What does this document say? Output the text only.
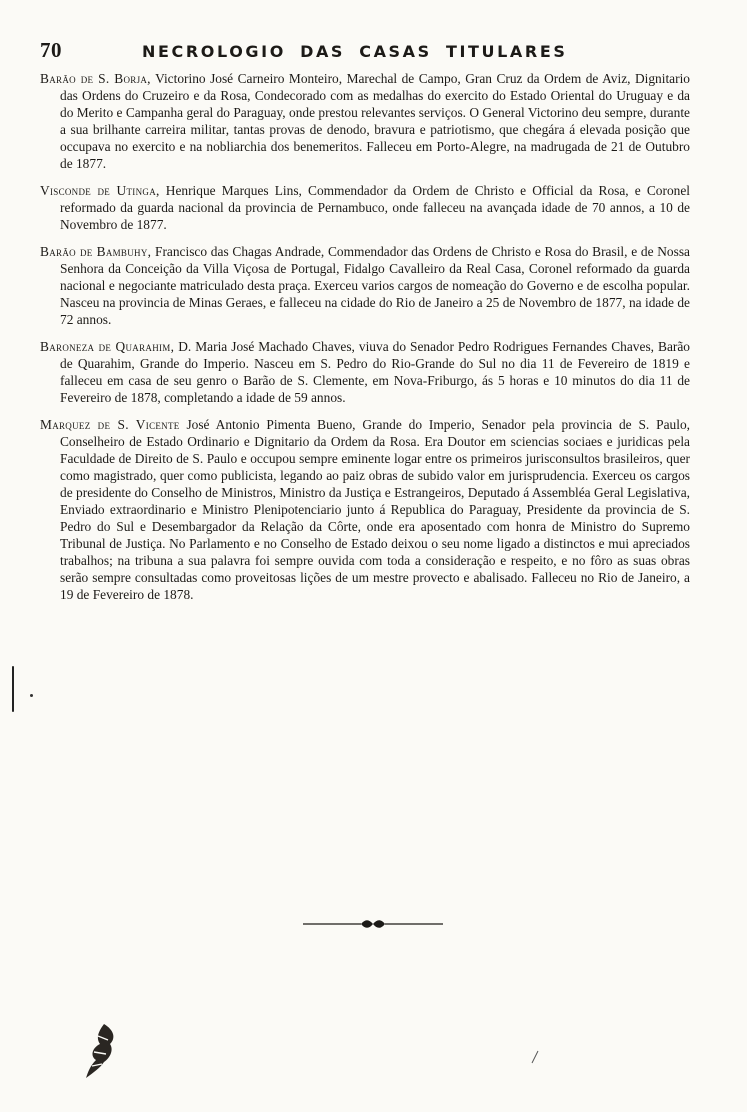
70	NECROLOGIO DAS CASAS TITULARES

Barão de S. Borja, Victorino José Carneiro Monteiro, Marechal de Campo, Gran Cruz da Ordem de Aviz, Dignitario das Ordens do Cruzeiro e da Rosa, Condecorado com as medalhas do exercito do Estado Oriental do Uruguay e da do Merito e Campanha geral do Paraguay, onde prestou relevantes serviços. O General Victorino deu sempre, durante a sua brilhante carreira militar, tantas provas de denodo, bravura e patriotismo, que chegára á elevada posição que occupava no exercito e na nobliarchia dos benemeritos. Falleceu em Porto-Alegre, na madrugada de 21 de Outubro de 1877.

Visconde de Utinga, Henrique Marques Lins, Commendador da Ordem de Christo e Official da Rosa, e Coronel reformado da guarda nacional da provincia de Pernambuco, onde falleceu na avançada idade de 70 annos, a 10 de Novembro de 1877.

Barão de Bambuhy, Francisco das Chagas Andrade, Commendador das Ordens de Christo e Rosa do Brasil, e de Nossa Senhora da Conceição da Villa Viçosa de Portugal, Fidalgo Cavalleiro da Real Casa, Coronel reformado da guarda nacional e negociante matriculado desta praça. Exerceu varios cargos de nomeação do Governo e de escolha popular. Nasceu na provincia de Minas Geraes, e falleceu na cidade do Rio de Janeiro a 25 de Novembro de 1877, na idade de 72 annos.

Baroneza de Quarahim, D. Maria José Machado Chaves, viuva do Senador Pedro Rodrigues Fernandes Chaves, Barão de Quarahim, Grande do Imperio. Nasceu em S. Pedro do Rio-Grande do Sul no dia 11 de Fevereiro de 1819 e falleceu em casa de seu genro o Barão de S. Clemente, em Nova-Friburgo, ás 5 horas e 10 minutos do dia 11 de Fevereiro de 1878, completando a idade de 59 annos.

Marquez de S. Vicente José Antonio Pimenta Bueno, Grande do Imperio, Senador pela provincia de S. Paulo, Conselheiro de Estado Ordinario e Dignitario da Ordem da Rosa. Era Doutor em sciencias sociaes e juridicas pela Faculdade de Direito de S. Paulo e occupou sempre eminente logar entre os primeiros jurisconsultos brasileiros, quer como magistrado, quer como publicista, legando ao paiz obras de subido valor em jurisprudencia. Exerceu os cargos de presidente do Conselho de Ministros, Ministro da Justiça e Estrangeiros, Deputado á Assembléa Geral Legislativa, Enviado extraordinario e Ministro Plenipotenciario junto á Republica do Paraguay, Presidente da provincia de S. Pedro do Sul e Desembargador da Relação da Côrte, onde era aposentado com honra de Ministro do Supremo Tribunal de Justiça. No Parlamento e no Conselho de Estado deixou o seu nome ligado a distinctos e mui apreciados trabalhos; na tribuna a sua palavra foi sempre ouvida com toda a consideração e respeito, e no fôro as suas obras serão sempre consultadas como proveitosas lições de um mestre provecto e abalisado. Falleceu no Rio de Janeiro, a 19 de Fevereiro de 1878.
